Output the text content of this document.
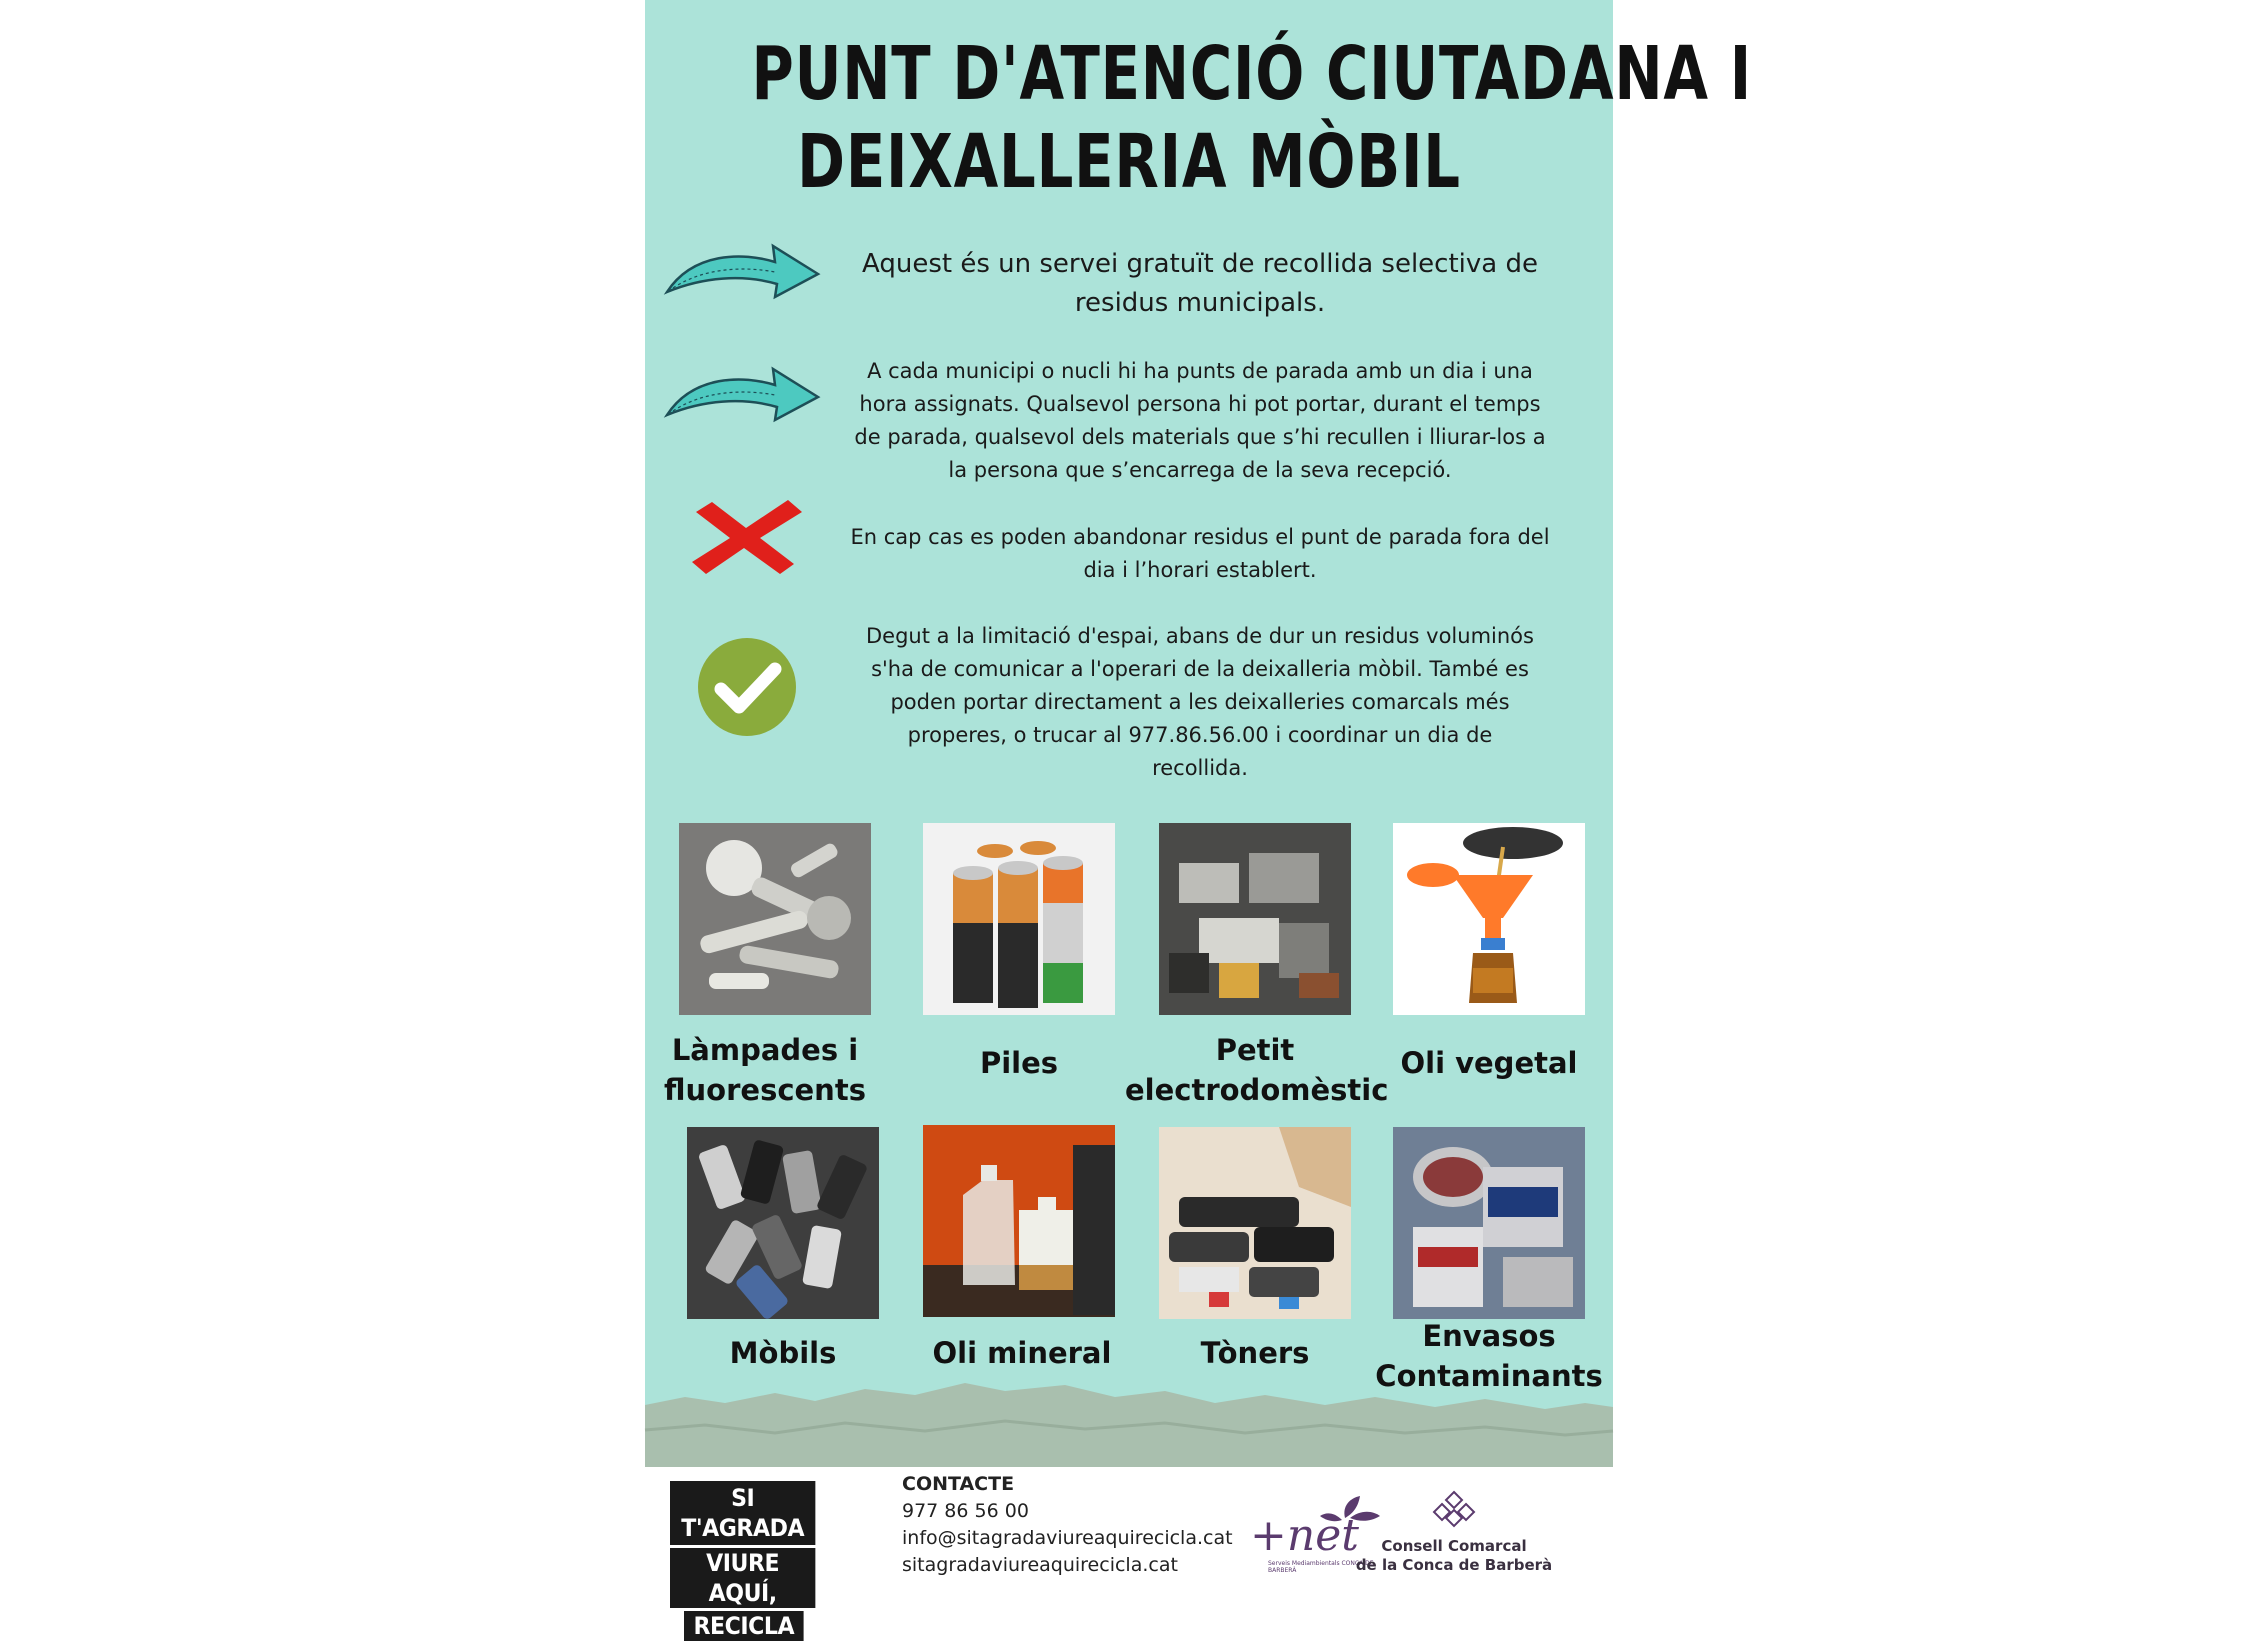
PUNT D'ATENCIÓ CIUTADANA I
DEIXALLERIA MÒBIL
Aquest és un servei gratuït de recollida selectiva de residus municipals.
A cada municipi o nucli hi ha punts de parada amb un dia i una hora assignats. Qualsevol persona hi pot portar, durant el temps de parada, qualsevol dels materials que s’hi recullen i lliurar-los a la persona que s’encarrega de la seva recepció.
En cap cas es poden abandonar residus el punt de parada fora del dia i l’horari establert.
Degut a la limitació d'espai, abans de dur un residus voluminós s'ha de comunicar a l'operari de la deixalleria mòbil. També es poden portar directament a les deixalleries comarcals més properes, o trucar al 977.86.56.00 i coordinar un dia de recollida.
Làmpades i
fluorescents
Piles	Petit
electrodomèstic
Oli vegetal
Mòbils	Oli mineral	Tòners	Envasos
Contaminants
SI T'AGRADA
VIURE AQUÍ,
RECICLA
CONTACTE
977 86 56 00
info@sitagradaviureaquirecicla.cat
sitagradaviureaquirecicla.cat
+net
Serveis Mediambientals CONCA DE BARBERÀ
Consell Comarcal
de la Conca de Barberà
